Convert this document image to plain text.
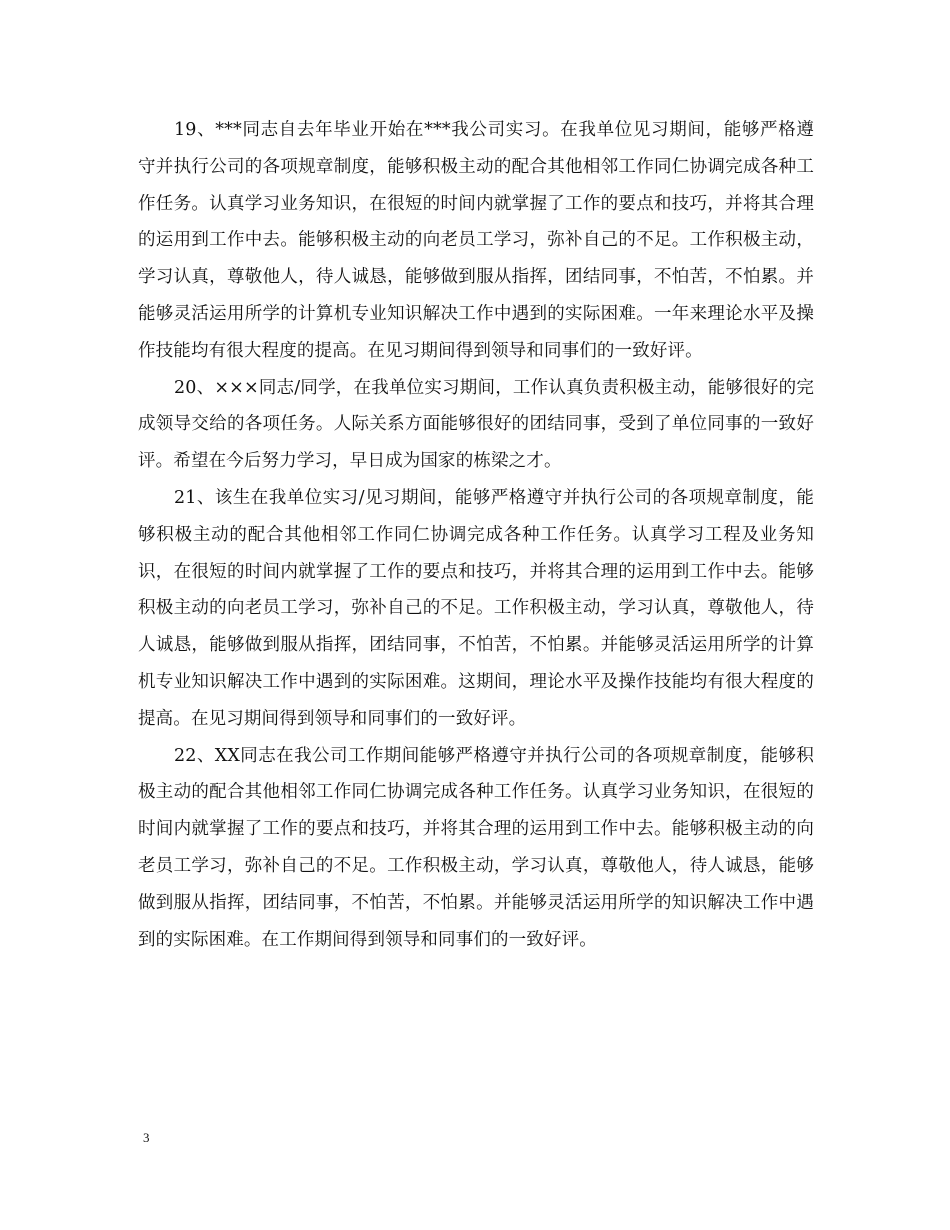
19、***同志自去年毕业开始在***我公司实习。在我单位见习期间，能够严格遵守并执行公司的各项规章制度，能够积极主动的配合其他相邻工作同仁协调完成各种工作任务。认真学习业务知识，在很短的时间内就掌握了工作的要点和技巧，并将其合理的运用到工作中去。能够积极主动的向老员工学习，弥补自己的不足。工作积极主动，学习认真，尊敬他人，待人诚恳，能够做到服从指挥，团结同事，不怕苦，不怕累。并能够灵活运用所学的计算机专业知识解决工作中遇到的实际困难。一年来理论水平及操作技能均有很大程度的提高。在见习期间得到领导和同事们的一致好评。

20、×××同志/同学，在我单位实习期间，工作认真负责积极主动，能够很好的完成领导交给的各项任务。人际关系方面能够很好的团结同事，受到了单位同事的一致好评。希望在今后努力学习，早日成为国家的栋梁之才。

21、该生在我单位实习/见习期间，能够严格遵守并执行公司的各项规章制度，能够积极主动的配合其他相邻工作同仁协调完成各种工作任务。认真学习工程及业务知识，在很短的时间内就掌握了工作的要点和技巧，并将其合理的运用到工作中去。能够积极主动的向老员工学习，弥补自己的不足。工作积极主动，学习认真，尊敬他人，待人诚恳，能够做到服从指挥，团结同事，不怕苦，不怕累。并能够灵活运用所学的计算机专业知识解决工作中遇到的实际困难。这期间，理论水平及操作技能均有很大程度的提高。在见习期间得到领导和同事们的一致好评。

22、XX同志在我公司工作期间能够严格遵守并执行公司的各项规章制度，能够积极主动的配合其他相邻工作同仁协调完成各种工作任务。认真学习业务知识，在很短的时间内就掌握了工作的要点和技巧，并将其合理的运用到工作中去。能够积极主动的向老员工学习，弥补自己的不足。工作积极主动，学习认真，尊敬他人，待人诚恳，能够做到服从指挥，团结同事，不怕苦，不怕累。并能够灵活运用所学的知识解决工作中遇到的实际困难。在工作期间得到领导和同事们的一致好评。

3
